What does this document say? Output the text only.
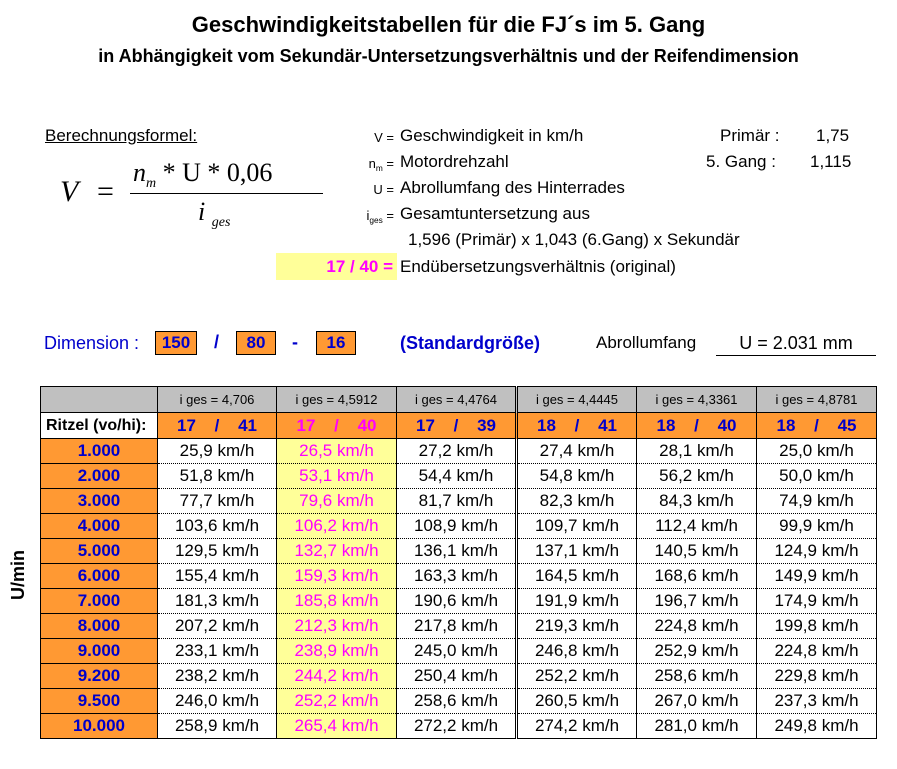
Geschwindigkeitstabellen für die FJ´s im 5. Gang
in Abhängigkeit vom Sekundär-Untersetzungsverhältnis und der Reifendimension
Berechnungsformel:
V =
$n_m$ * U * 0,06
i $_{ges}$
V = Geschwindigkeit in km/h
$n_m$ = Motordrehzahl
U = Abrollumfang des Hinterrades
$i_{ges}$ = Gesamtuntersetzung aus
1,596 (Primär) x 1,043 (6.Gang) x Sekundär
17 / 40 = Endübersetzungsverhältnis (original)
Primär : 1,75
5. Gang : 1,115
Dimension :	150	/	80	-	16	(Standardgröße)	Abrollumfang	U = 2.031 mm
U/min
	i ges = 4,706	i ges = 4,5912	i ges = 4,4764	i ges = 4,4445	i ges = 4,3361	i ges = 4,8781
Ritzel (vo/hi):	17 / 41	17 / 40	17 / 39	18 / 41	18 / 40	18 / 45
1.000	25,9 km/h	26,5 km/h	27,2 km/h	27,4 km/h	28,1 km/h	25,0 km/h
2.000	51,8 km/h	53,1 km/h	54,4 km/h	54,8 km/h	56,2 km/h	50,0 km/h
3.000	77,7 km/h	79,6 km/h	81,7 km/h	82,3 km/h	84,3 km/h	74,9 km/h
4.000	103,6 km/h	106,2 km/h	108,9 km/h	109,7 km/h	112,4 km/h	99,9 km/h
5.000	129,5 km/h	132,7 km/h	136,1 km/h	137,1 km/h	140,5 km/h	124,9 km/h
6.000	155,4 km/h	159,3 km/h	163,3 km/h	164,5 km/h	168,6 km/h	149,9 km/h
7.000	181,3 km/h	185,8 km/h	190,6 km/h	191,9 km/h	196,7 km/h	174,9 km/h
8.000	207,2 km/h	212,3 km/h	217,8 km/h	219,3 km/h	224,8 km/h	199,8 km/h
9.000	233,1 km/h	238,9 km/h	245,0 km/h	246,8 km/h	252,9 km/h	224,8 km/h
9.200	238,2 km/h	244,2 km/h	250,4 km/h	252,2 km/h	258,6 km/h	229,8 km/h
9.500	246,0 km/h	252,2 km/h	258,6 km/h	260,5 km/h	267,0 km/h	237,3 km/h
10.000	258,9 km/h	265,4 km/h	272,2 km/h	274,2 km/h	281,0 km/h	249,8 km/h
